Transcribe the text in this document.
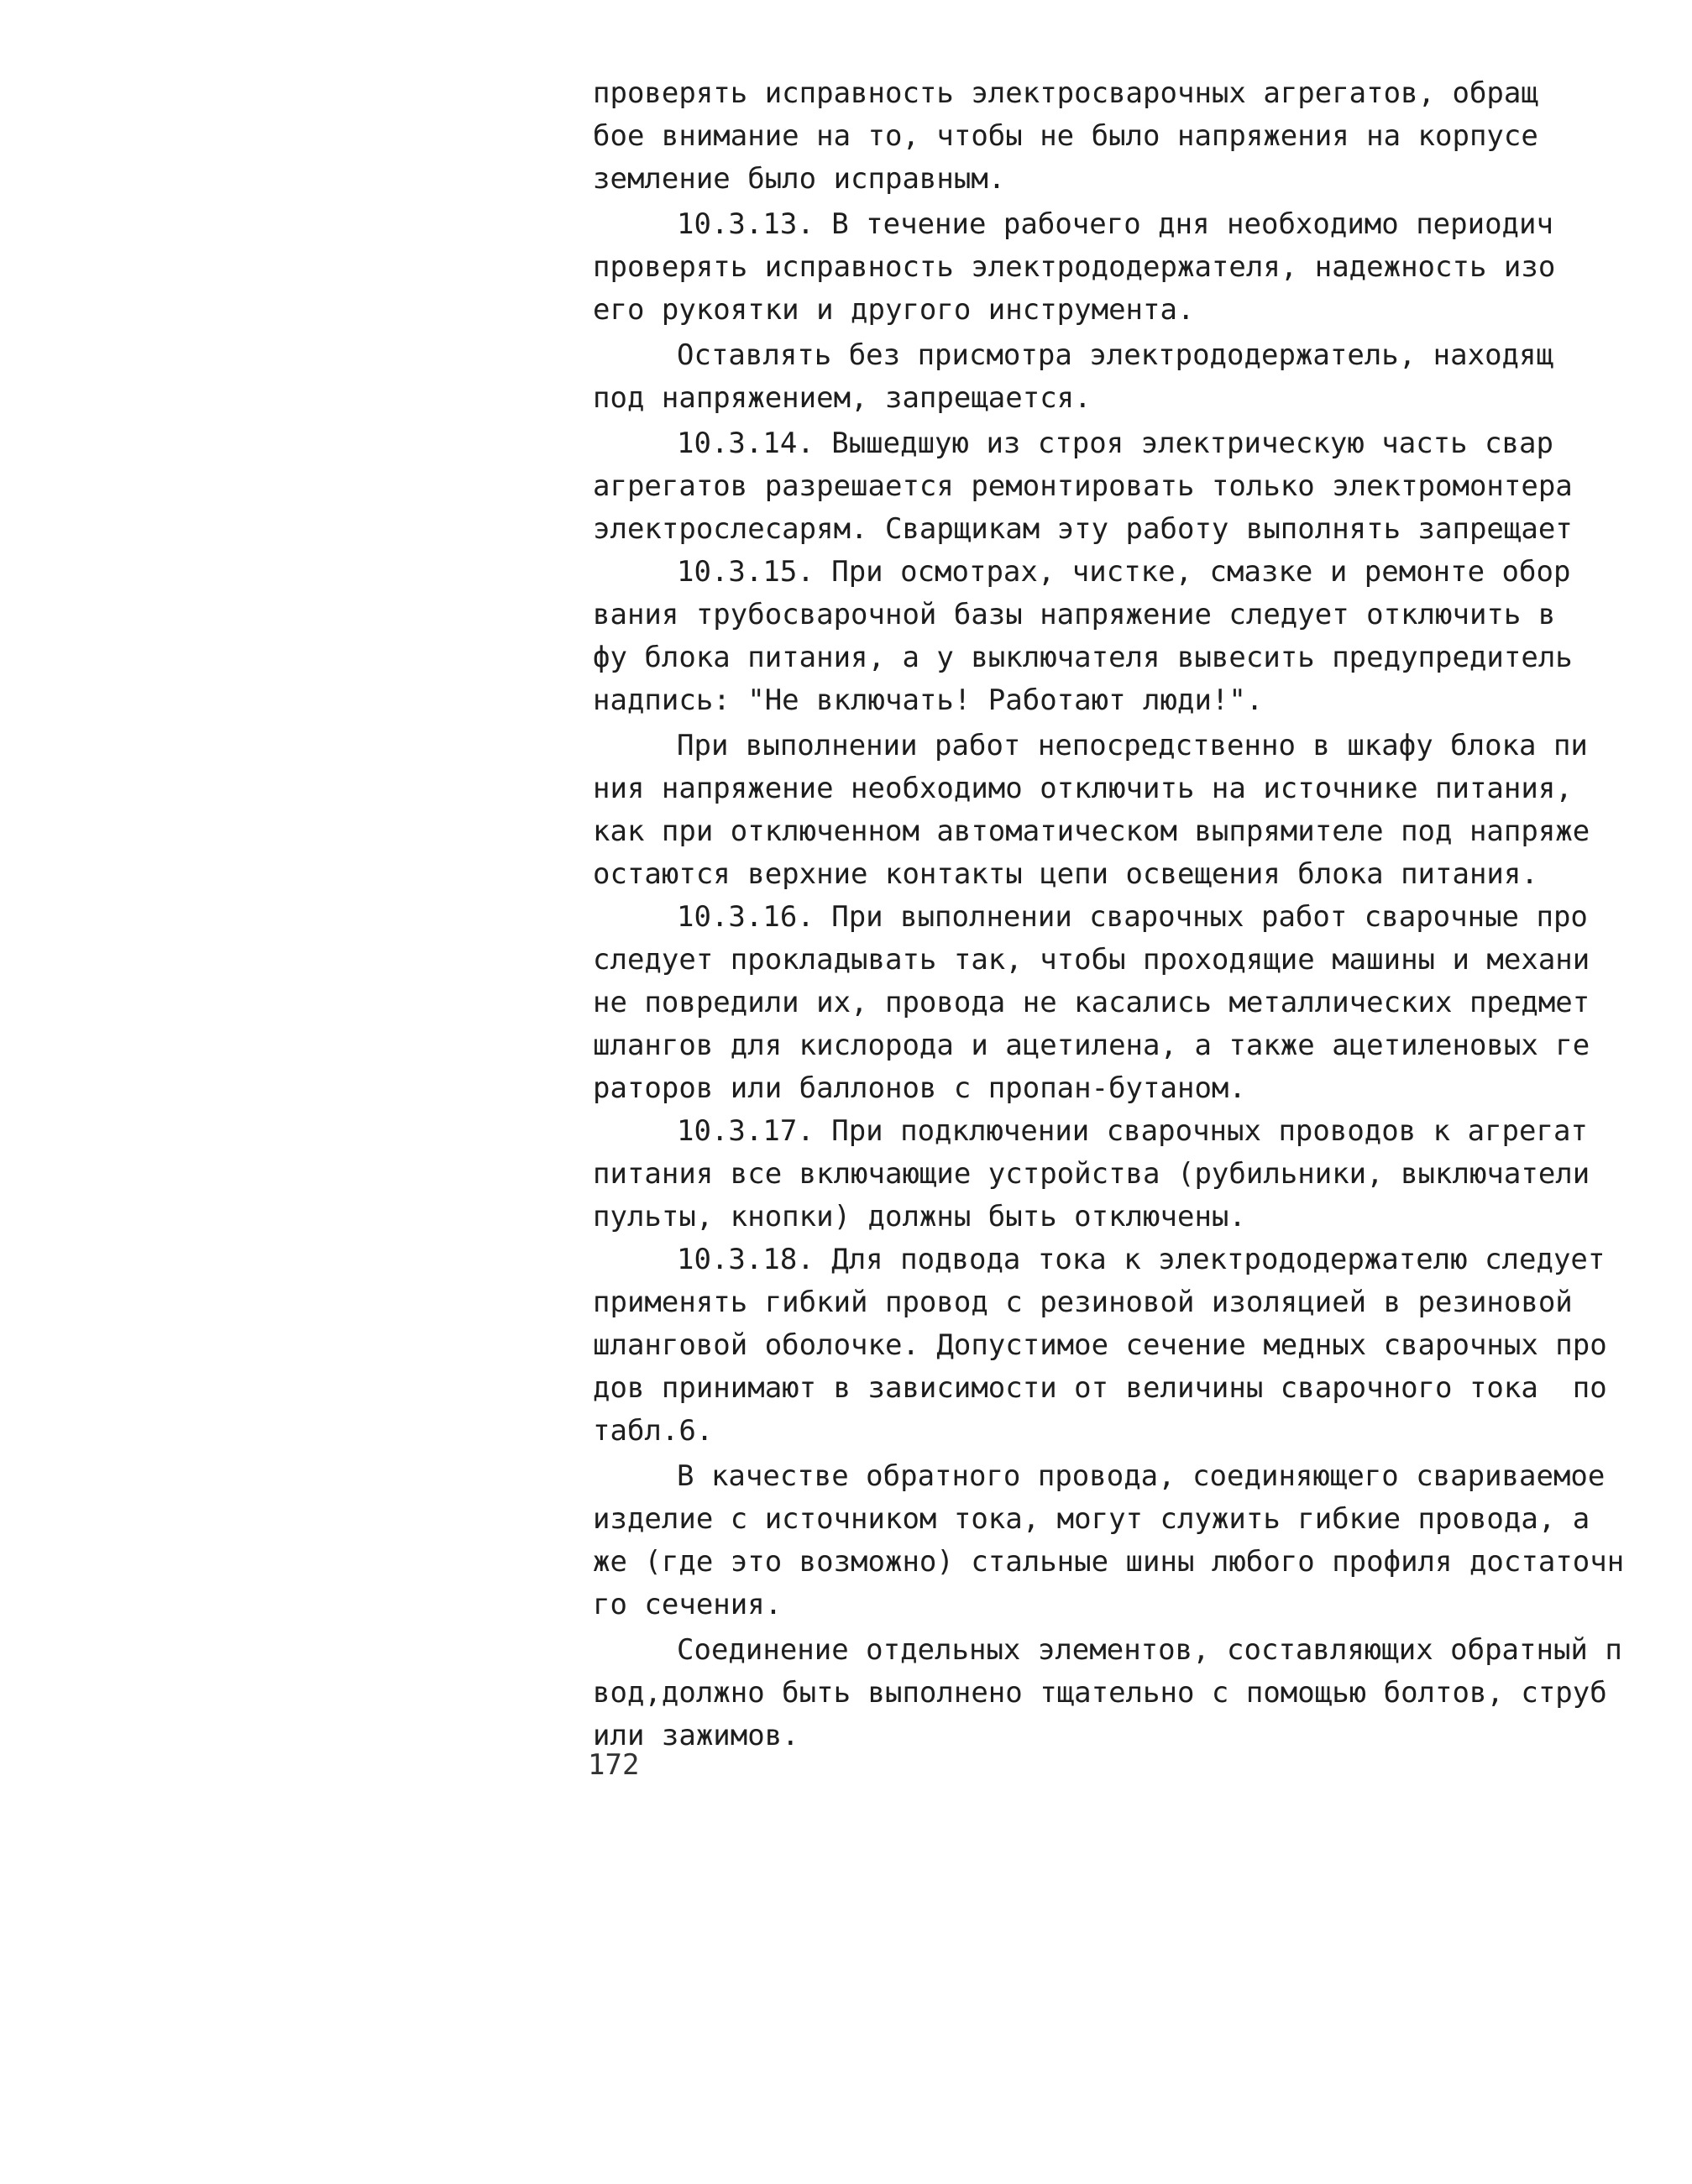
проверять исправность электросварочных агрегатов, обращ
бое внимание на то, чтобы не было напряжения на корпусе
земление было исправным.
10.3.13. В течение рабочего дня необходимо периодич
проверять исправность электрододержателя, надежность изо
его рукоятки и другого инструмента.
Оставлять без присмотра электрододержатель, находящ
под напряжением, запрещается.
10.3.14. Вышедшую из строя электрическую часть свар
агрегатов разрешается ремонтировать только электромонтера
электрослесарям. Сварщикам эту работу выполнять запрещает
10.3.15. При осмотрах, чистке, смазке и ремонте обор
вания трубосварочной базы напряжение следует отключить в
фу блока питания, а у выключателя вывесить предупредитель
надпись: "Не включать! Работают люди!".
При выполнении работ непосредственно в шкафу блока пи
ния напряжение необходимо отключить на источнике питания,
как при отключенном автоматическом выпрямителе под напряже
остаются верхние контакты цепи освещения блока питания.
10.3.16. При выполнении сварочных работ сварочные про
следует прокладывать так, чтобы проходящие машины и механи
не повредили их, провода не касались металлических предмет
шлангов для кислорода и ацетилена, а также ацетиленовых ге
раторов или баллонов с пропан-бутаном.
10.3.17. При подключении сварочных проводов к агрегат
питания все включающие устройства (рубильники, выключатели
пульты, кнопки) должны быть отключены.
10.3.18. Для подвода тока к электрододержателю следует
применять гибкий провод с резиновой изоляцией в резиновой
шланговой оболочке. Допустимое сечение медных сварочных про
дов принимают в зависимости от величины сварочного тока  по
табл.6.
В качестве обратного провода, соединяющего свариваемое
изделие с источником тока, могут служить гибкие провода, а
же (где это возможно) стальные шины любого профиля достаточн
го сечения.
Соединение отдельных элементов, составляющих обратный п
вод,должно быть выполнено тщательно с помощью болтов, струб
или зажимов.
172
